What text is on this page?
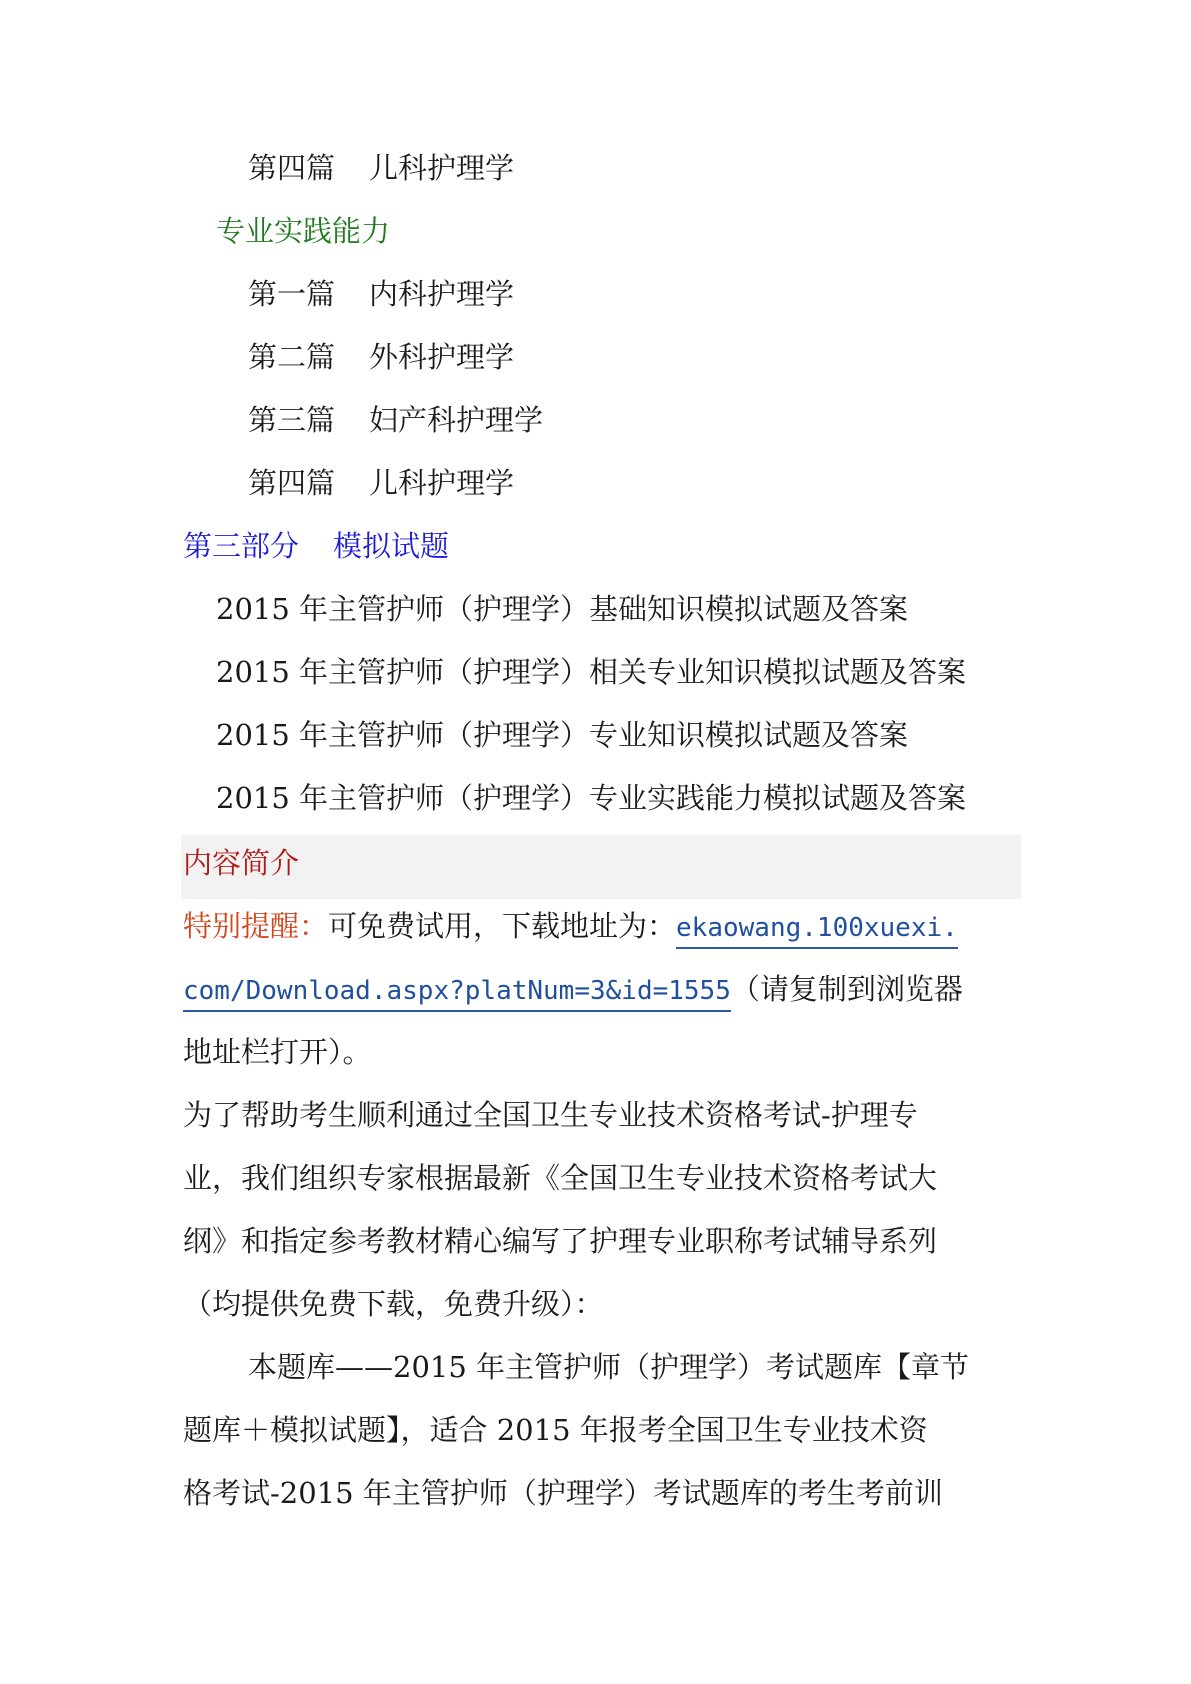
第四篇 儿科护理学
专业实践能力
第一篇 内科护理学
第二篇 外科护理学
第三篇 妇产科护理学
第四篇 儿科护理学
第三部分 模拟试题
2015 年主管护师（护理学）基础知识模拟试题及答案
2015 年主管护师（护理学）相关专业知识模拟试题及答案
2015 年主管护师（护理学）专业知识模拟试题及答案
2015 年主管护师（护理学）专业实践能力模拟试题及答案
内容简介
特别提醒：可免费试用，下载地址为：ekaowang.100xuexi.
com/Download.aspx?platNum=3&id=1555（请复制到浏览器
地址栏打开）。
为了帮助考生顺利通过全国卫生专业技术资格考试-护理专
业，我们组织专家根据最新《全国卫生专业技术资格考试大
纲》和指定参考教材精心编写了护理专业职称考试辅导系列
（均提供免费下载，免费升级）：
本题库——2015 年主管护师（护理学）考试题库【章节
题库＋模拟试题】，适合 2015 年报考全国卫生专业技术资
格考试-2015 年主管护师（护理学）考试题库的考生考前训
